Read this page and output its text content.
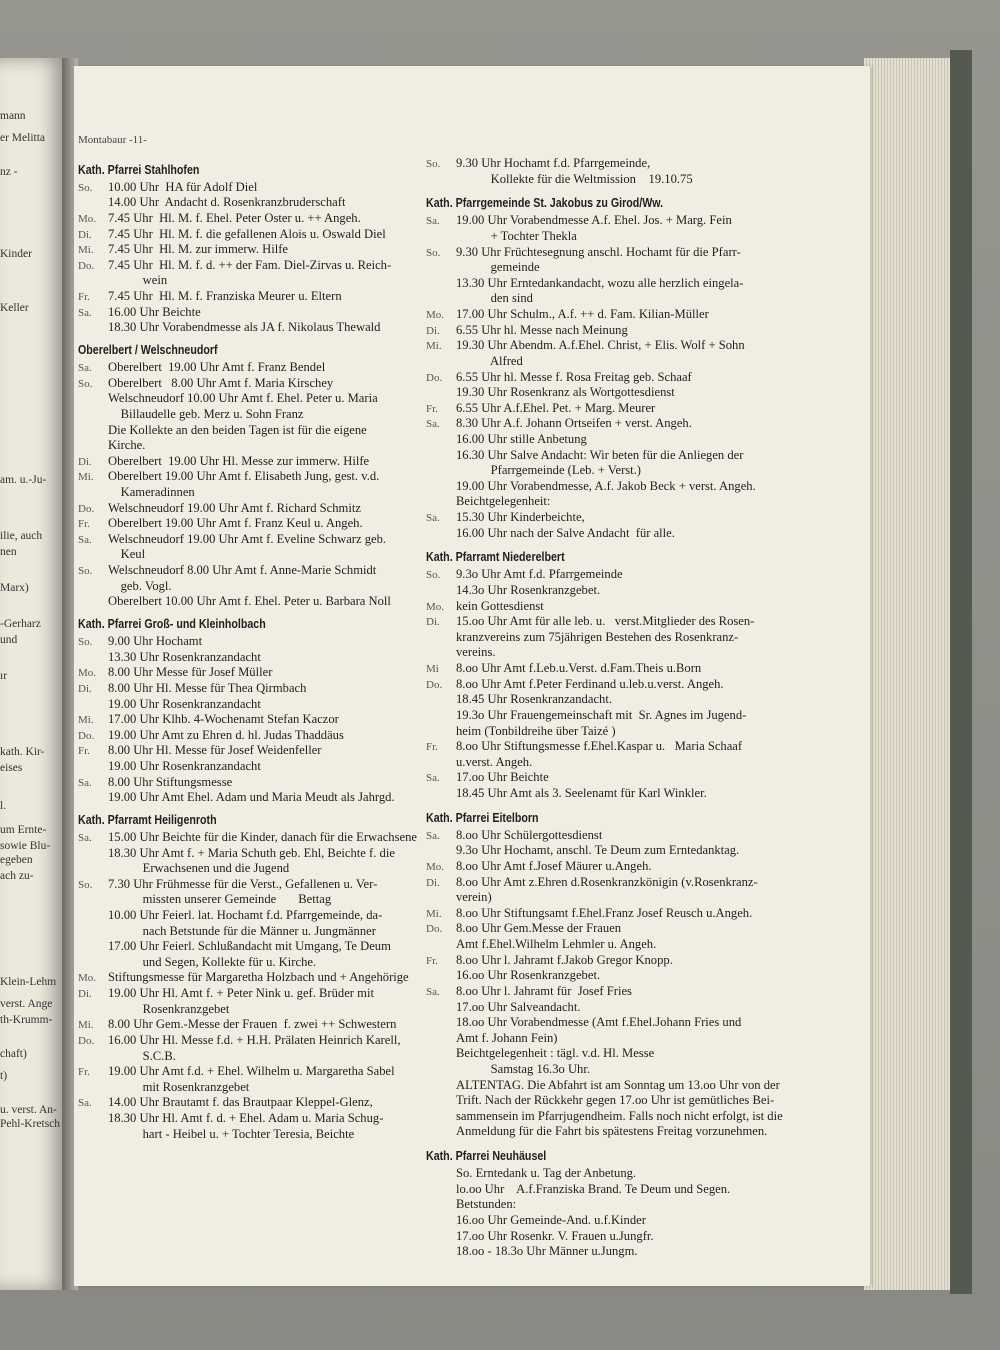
mann
er Melitta
nz -
Kinder
Keller
am. u.-Ju-
ilie, auch
nen
Marx)
-Gerharz
und
ır
kath. Kir-
eises
l.
um Ernte-
sowie Blu-
egeben
ach zu-
Klein-Lehm
verst. Ange
th-Krumm-
chaft)
t)
u. verst. An-
Pehl-Kretsch
Montabaur -11-
Kath. Pfarrei Stahlhofen
So. 10.00 Uhr  HA für Adolf Diel
14.00 Uhr  Andacht d. Rosenkranzbruderschaft
Mo. 7.45 Uhr  Hl. M. f. Ehel. Peter Oster u. ++ Angeh.
Di. 7.45 Uhr  Hl. M. f. die gefallenen Alois u. Oswald Diel
Mi. 7.45 Uhr  Hl. M. zur immerw. Hilfe
Do. 7.45 Uhr  Hl. M. f. d. ++ der Fam. Diel-Zirvas u. Reich-
wein
Fr. 7.45 Uhr  Hl. M. f. Franziska Meurer u. Eltern
Sa. 16.00 Uhr Beichte
18.30 Uhr Vorabendmesse als JA f. Nikolaus Thewald
Oberelbert / Welschneudorf
Sa. Oberelbert  19.00 Uhr Amt f. Franz Bendel
So. Oberelbert   8.00 Uhr Amt f. Maria Kirschey
Welschneudorf 10.00 Uhr Amt f. Ehel. Peter u. Maria
Billaudelle geb. Merz u. Sohn Franz
Die Kollekte an den beiden Tagen ist für die eigene
Kirche.
Di. Oberelbert  19.00 Uhr Hl. Messe zur immerw. Hilfe
Mi. Oberelbert 19.00 Uhr Amt f. Elisabeth Jung, gest. v.d.
Kameradinnen
Do. Welschneudorf 19.00 Uhr Amt f. Richard Schmitz
Fr. Oberelbert 19.00 Uhr Amt f. Franz Keul u. Angeh.
Sa. Welschneudorf 19.00 Uhr Amt f. Eveline Schwarz geb.
Keul
So. Welschneudorf 8.00 Uhr Amt f. Anne-Marie Schmidt
geb. Vogl.
Oberelbert 10.00 Uhr Amt f. Ehel. Peter u. Barbara Noll
Kath. Pfarrei Groß- und Kleinholbach
So. 9.00 Uhr Hochamt
13.30 Uhr Rosenkranzandacht
Mo. 8.00 Uhr Messe für Josef Müller
Di. 8.00 Uhr Hl. Messe für Thea Qirmbach
19.00 Uhr Rosenkranzandacht
Mi. 17.00 Uhr Klhb. 4-Wochenamt Stefan Kaczor
Do. 19.00 Uhr Amt zu Ehren d. hl. Judas Thaddäus
Fr. 8.00 Uhr Hl. Messe für Josef Weidenfeller
19.00 Uhr Rosenkranzandacht
Sa. 8.00 Uhr Stiftungsmesse
19.00 Uhr Amt Ehel. Adam und Maria Meudt als Jahrgd.
Kath. Pfarramt Heiligenroth
Sa. 15.00 Uhr Beichte für die Kinder, danach für die Erwachsene
18.30 Uhr Amt f. + Maria Schuth geb. Ehl, Beichte f. die
Erwachsenen und die Jugend
So. 7.30 Uhr Frühmesse für die Verst., Gefallenen u. Ver-
missten unserer Gemeinde       Bettag
10.00 Uhr Feierl. lat. Hochamt f.d. Pfarrgemeinde, da-
nach Betstunde für die Männer u. Jungmänner
17.00 Uhr Feierl. Schlußandacht mit Umgang, Te Deum
und Segen, Kollekte für u. Kirche.
Mo. Stiftungsmesse für Margaretha Holzbach und + Angehörige
Di. 19.00 Uhr Hl. Amt f. + Peter Nink u. gef. Brüder mit
Rosenkranzgebet
Mi. 8.00 Uhr Gem.-Messe der Frauen  f. zwei ++ Schwestern
Do. 16.00 Uhr Hl. Messe f.d. + H.H. Prälaten Heinrich Karell,
S.C.B.
Fr. 19.00 Uhr Amt f.d. + Ehel. Wilhelm u. Margaretha Sabel
mit Rosenkranzgebet
Sa. 14.00 Uhr Brautamt f. das Brautpaar Kleppel-Glenz,
18.30 Uhr Hl. Amt f. d. + Ehel. Adam u. Maria Schug-
hart - Heibel u. + Tochter Teresia, Beichte
So. 9.30 Uhr Hochamt f.d. Pfarrgemeinde,
Kollekte für die Weltmission    19.10.75
Kath. Pfarrgemeinde St. Jakobus zu Girod/Ww.
Sa. 19.00 Uhr Vorabendmesse A.f. Ehel. Jos. + Marg. Fein
+ Tochter Thekla
So. 9.30 Uhr Früchtesegnung anschl. Hochamt für die Pfarr-
gemeinde
13.30 Uhr Erntedankandacht, wozu alle herzlich eingela-
den sind
Mo. 17.00 Uhr Schulm., A.f. ++ d. Fam. Kilian-Müller
Di. 6.55 Uhr hl. Messe nach Meinung
Mi. 19.30 Uhr Abendm. A.f.Ehel. Christ, + Elis. Wolf + Sohn
Alfred
Do. 6.55 Uhr hl. Messe f. Rosa Freitag geb. Schaaf
19.30 Uhr Rosenkranz als Wortgottesdienst
Fr. 6.55 Uhr A.f.Ehel. Pet. + Marg. Meurer
Sa. 8.30 Uhr A.f. Johann Ortseifen + verst. Angeh.
16.00 Uhr stille Anbetung
16.30 Uhr Salve Andacht: Wir beten für die Anliegen der
Pfarrgemeinde (Leb. + Verst.)
19.00 Uhr Vorabendmesse, A.f. Jakob Beck + verst. Angeh.
Beichtgelegenheit:
Sa. 15.30 Uhr Kinderbeichte,
16.00 Uhr nach der Salve Andacht  für alle.
Kath. Pfarramt Niederelbert
So. 9.3o Uhr Amt f.d. Pfarrgemeinde
14.3o Uhr Rosenkranzgebet.
Mo. kein Gottesdienst
Di. 15.oo Uhr Amt für alle leb. u.   verst.Mitglieder des Rosen-
kranzvereins zum 75jährigen Bestehen des Rosenkranz-
vereins.
Mi 8.oo Uhr Amt f.Leb.u.Verst. d.Fam.Theis u.Born
Do. 8.oo Uhr Amt f.Peter Ferdinand u.leb.u.verst. Angeh.
18.45 Uhr Rosenkranzandacht.
19.3o Uhr Frauengemeinschaft mit  Sr. Agnes im Jugend-
heim (Tonbildreihe über Taizé )
Fr. 8.oo Uhr Stiftungsmesse f.Ehel.Kaspar u.   Maria Schaaf
u.verst. Angeh.
Sa. 17.oo Uhr Beichte
18.45 Uhr Amt als 3. Seelenamt für Karl Winkler.
Kath. Pfarrei Eitelborn
Sa. 8.oo Uhr Schülergottesdienst
9.3o Uhr Hochamt, anschl. Te Deum zum Erntedanktag.
Mo. 8.oo Uhr Amt f.Josef Mäurer u.Angeh.
Di. 8.oo Uhr Amt z.Ehren d.Rosenkranzkönigin (v.Rosenkranz-
verein)
Mi. 8.oo Uhr Stiftungsamt f.Ehel.Franz Josef Reusch u.Angeh.
Do. 8.oo Uhr Gem.Messe der Frauen
Amt f.Ehel.Wilhelm Lehmler u. Angeh.
Fr. 8.oo Uhr l. Jahramt f.Jakob Gregor Knopp.
16.oo Uhr Rosenkranzgebet.
Sa. 8.oo Uhr l. Jahramt für  Josef Fries
17.oo Uhr Salveandacht.
18.oo Uhr Vorabendmesse (Amt f.Ehel.Johann Fries und
Amt f. Johann Fein)
Beichtgelegenheit : tägl. v.d. Hl. Messe
Samstag 16.3o Uhr.
ALTENTAG. Die Abfahrt ist am Sonntag um 13.oo Uhr von der
Trift. Nach der Rückkehr gegen 17.oo Uhr ist gemütliches Bei-
sammensein im Pfarrjugendheim. Falls noch nicht erfolgt, ist die
Anmeldung für die Fahrt bis spätestens Freitag vorzunehmen.
Kath. Pfarrei Neuhäusel
So. Erntedank u. Tag der Anbetung.
lo.oo Uhr    A.f.Franziska Brand. Te Deum und Segen.
Betstunden:
16.oo Uhr Gemeinde-And. u.f.Kinder
17.oo Uhr Rosenkr. V. Frauen u.Jungfr.
18.oo - 18.3o Uhr Männer u.Jungm.
